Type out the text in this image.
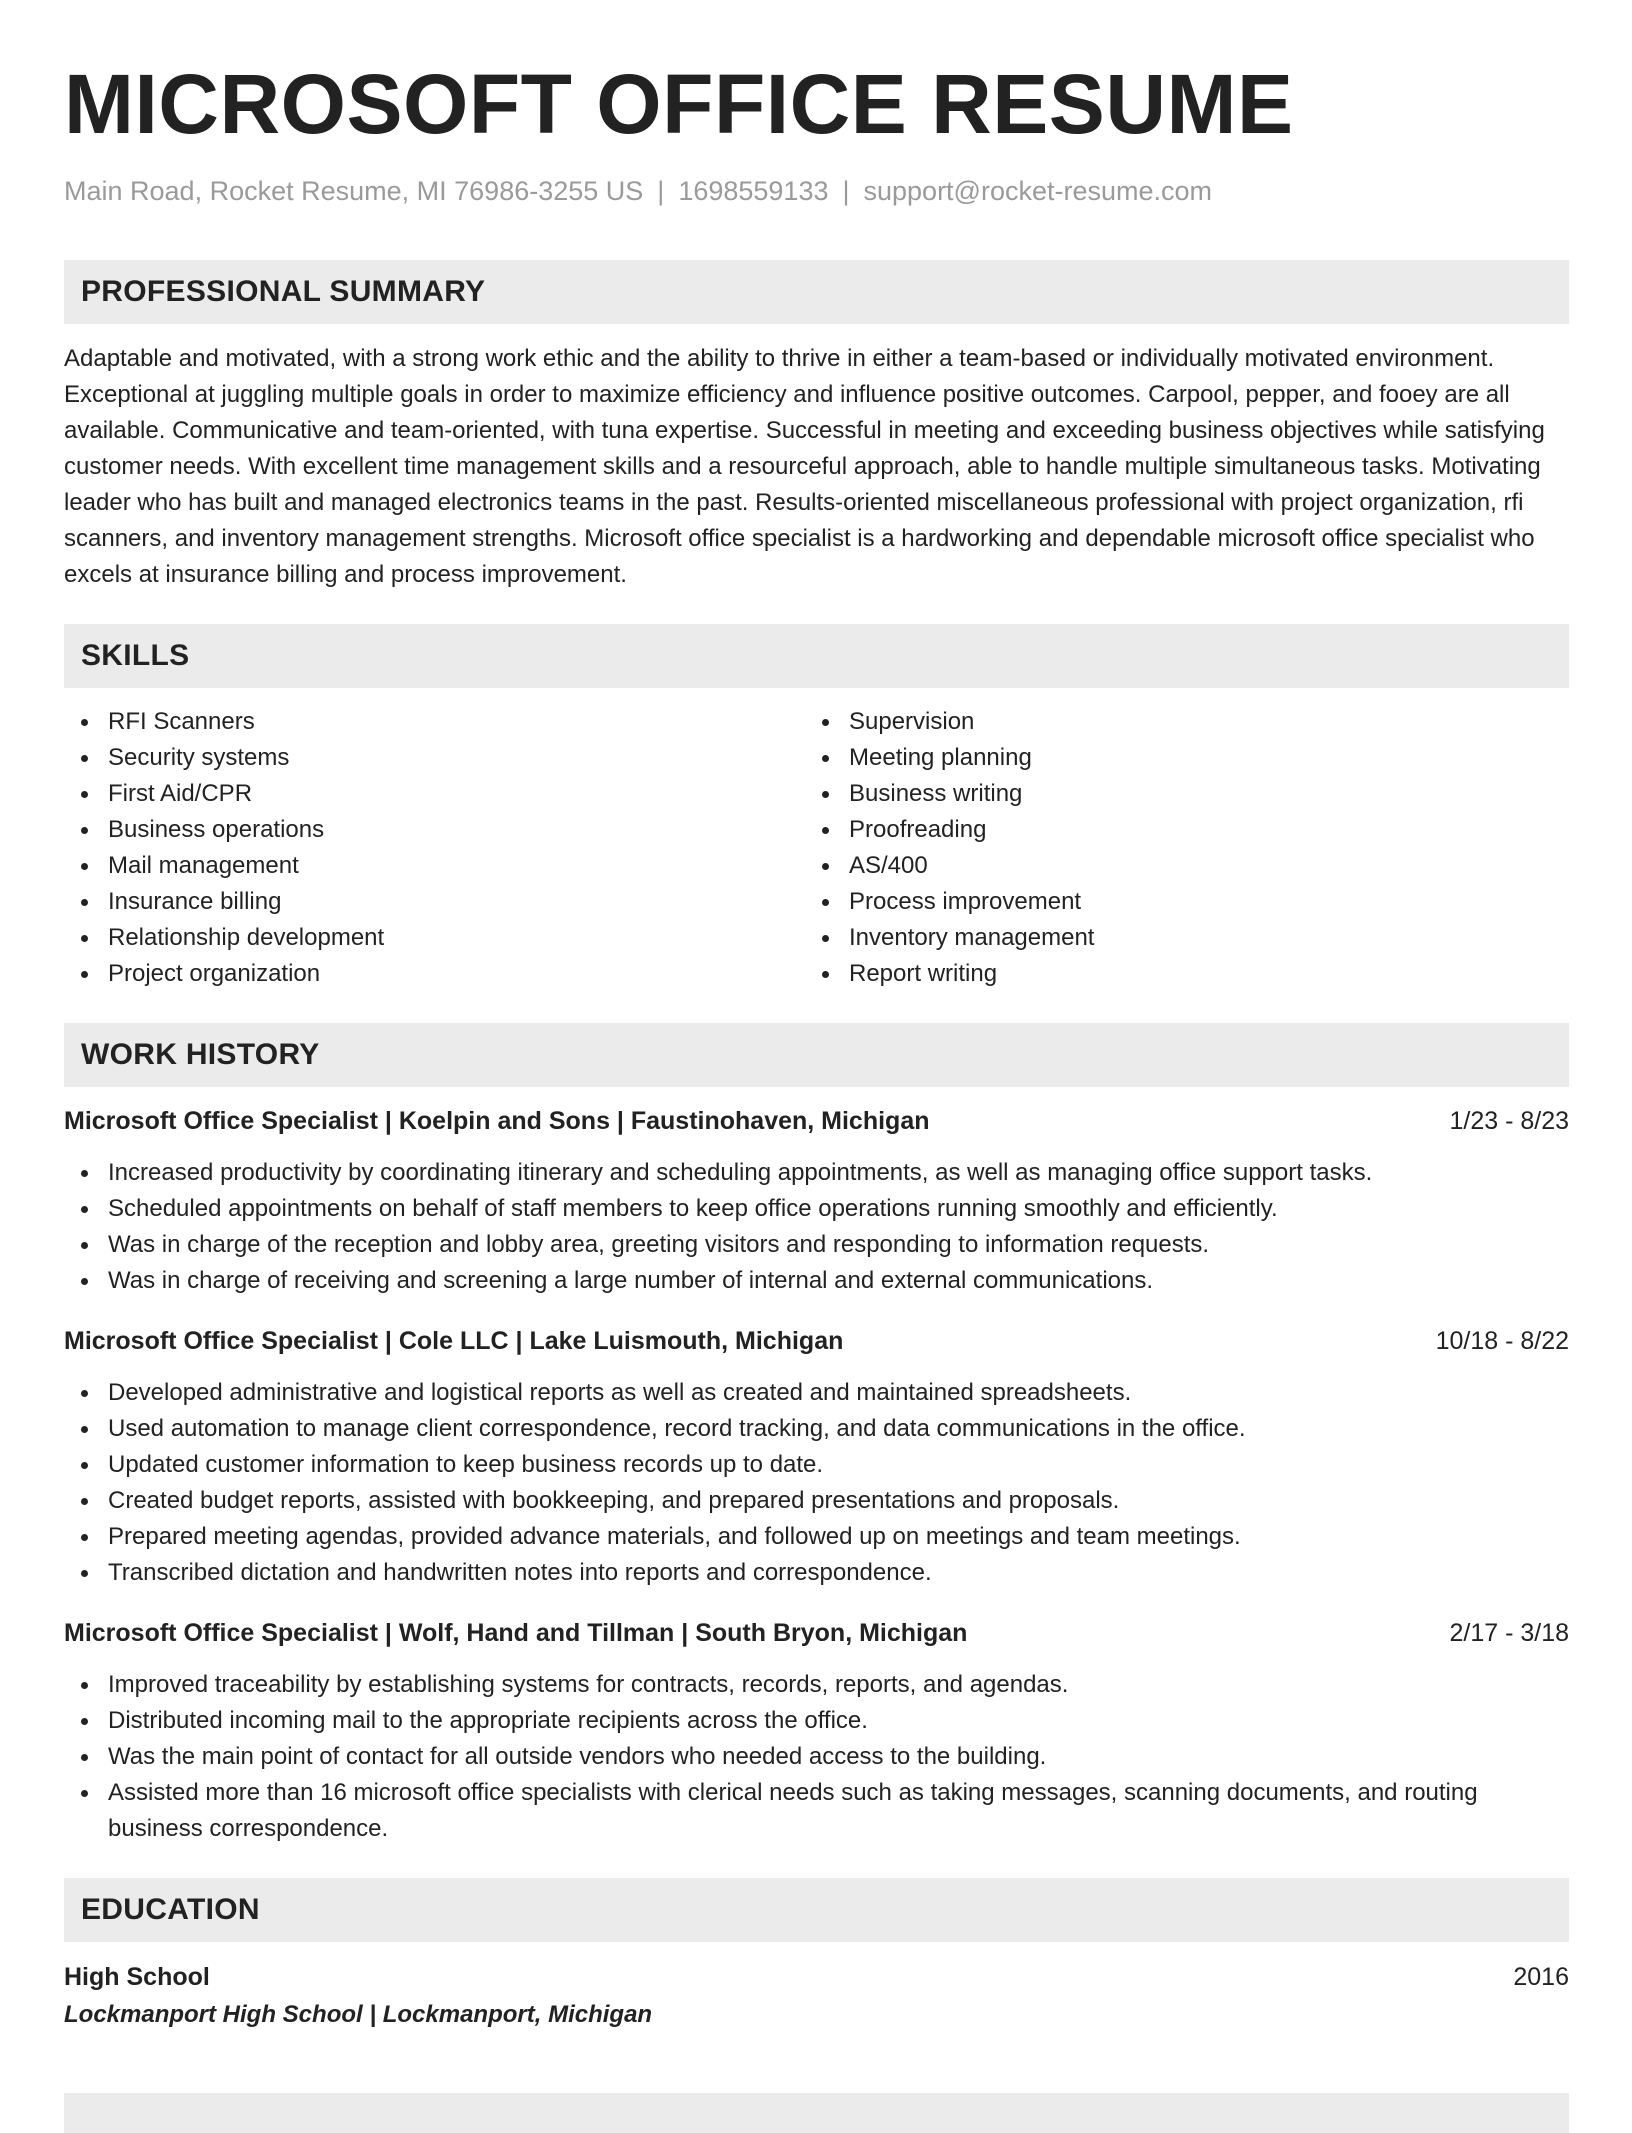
MICROSOFT OFFICE RESUME
Main Road, Rocket Resume, MI 76986-3255 US | 1698559133 | support@rocket-resume.com
PROFESSIONAL SUMMARY

Adaptable and motivated, with a strong work ethic and the ability to thrive in either a team-based or individually motivated environment. Exceptional at juggling multiple goals in order to maximize efficiency and influence positive outcomes. Carpool, pepper, and fooey are all available. Communicative and team-oriented, with tuna expertise. Successful in meeting and exceeding business objectives while satisfying customer needs. With excellent time management skills and a resourceful approach, able to handle multiple simultaneous tasks. Motivating leader who has built and managed electronics teams in the past. Results-oriented miscellaneous professional with project organization, rfi scanners, and inventory management strengths. Microsoft office specialist is a hardworking and dependable microsoft office specialist who excels at insurance billing and process improvement.

SKILLS
RFI Scanners
Security systems
First Aid/CPR
Business operations
Mail management
Insurance billing
Relationship development
Project organization
Supervision
Meeting planning
Business writing
Proofreading
AS/400
Process improvement
Inventory management
Report writing
WORK HISTORY
Microsoft Office Specialist | Koelpin and Sons | Faustinohaven, Michigan	1/23 - 8/23
Increased productivity by coordinating itinerary and scheduling appointments, as well as managing office support tasks.
Scheduled appointments on behalf of staff members to keep office operations running smoothly and efficiently.
Was in charge of the reception and lobby area, greeting visitors and responding to information requests.
Was in charge of receiving and screening a large number of internal and external communications.
Microsoft Office Specialist | Cole LLC | Lake Luismouth, Michigan	10/18 - 8/22
Developed administrative and logistical reports as well as created and maintained spreadsheets.
Used automation to manage client correspondence, record tracking, and data communications in the office.
Updated customer information to keep business records up to date.
Created budget reports, assisted with bookkeeping, and prepared presentations and proposals.
Prepared meeting agendas, provided advance materials, and followed up on meetings and team meetings.
Transcribed dictation and handwritten notes into reports and correspondence.
Microsoft Office Specialist | Wolf, Hand and Tillman | South Bryon, Michigan	2/17 - 3/18
Improved traceability by establishing systems for contracts, records, reports, and agendas.
Distributed incoming mail to the appropriate recipients across the office.
Was the main point of contact for all outside vendors who needed access to the building.
Assisted more than 16 microsoft office specialists with clerical needs such as taking messages, scanning documents, and routing business correspondence.
EDUCATION
High School	2016
Lockmanport High School | Lockmanport, Michigan
